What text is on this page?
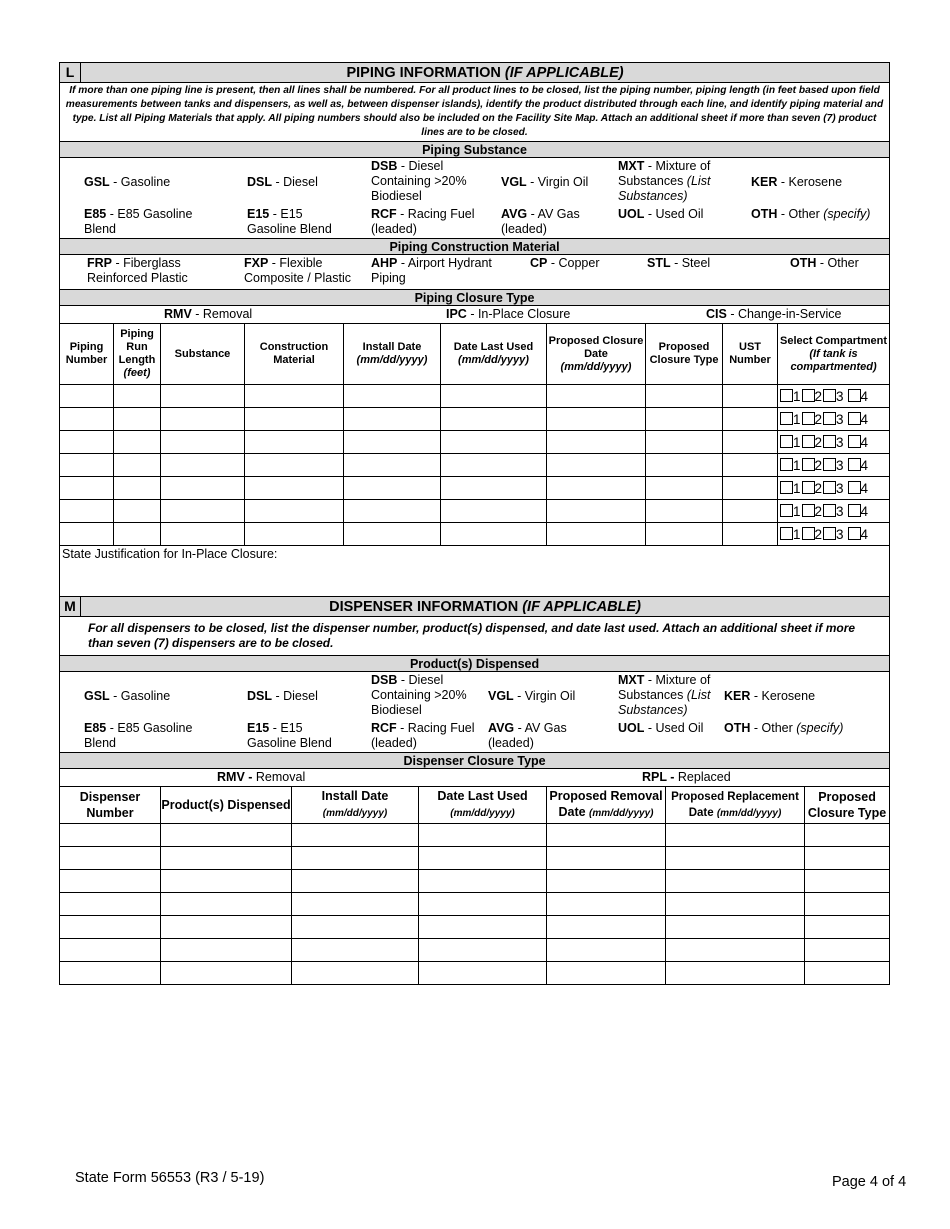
L	PIPING INFORMATION (IF APPLICABLE)

If more than one piping line is present, then all lines shall be numbered. For all product lines to be closed, list the piping number, piping length (in feet based upon field measurements between tanks and dispensers, as well as, between dispenser islands), identify the product distributed through each line, and identify piping material and type. List all Piping Materials that apply. All piping numbers should also be included on the Facility Site Map. Attach an additional sheet if more than seven (7) product lines are to be closed.
Piping Substance

	GSL - Gasoline	DSL - Diesel	DSB - Diesel Containing >20% Biodiesel	VGL - Virgin Oil	MXT - Mixture of Substances (List Substances)	KER - Kerosene
	E85 - E85 Gasoline Blend	E15 - E15 Gasoline Blend	RCF - Racing Fuel (leaded)	AVG - AV Gas (leaded)	UOL - Used Oil	OTH - Other (specify)

Piping Construction Material

	FRP - Fiberglass Reinforced Plastic	FXP - Flexible Composite / Plastic	AHP - Airport Hydrant Piping	CP - Copper	STL - Steel	OTH - Other

Piping Closure Type

RMV - Removal	IPC - In-Place Closure	CIS - Change-in-Service

Piping Number	Piping Run Length
(feet)	Substance	Construction Material	Install Date
(mm/dd/yyyy)	Date Last Used
(mm/dd/yyyy)	Proposed Closure Date
(mm/dd/yyyy)	Proposed Closure Type	UST Number	Select Compartment
(If tank is compartmented)
									1 2 3 4
									1 2 3 4
									1 2 3 4
									1 2 3 4
									1 2 3 4
									1 2 3 4
									1 2 3 4
State Justification for In-Place Closure:
M	DISPENSER INFORMATION (IF APPLICABLE)

For all dispensers to be closed, list the dispenser number, product(s) dispensed, and date last used. Attach an additional sheet if more than seven (7) dispensers are to be closed.
Product(s) Dispensed

	GSL - Gasoline	DSL - Diesel	DSB - Diesel Containing >20% Biodiesel	VGL - Virgin Oil	MXT - Mixture of Substances (List Substances)	KER - Kerosene
	E85 - E85 Gasoline Blend	E15 - E15 Gasoline Blend	RCF - Racing Fuel (leaded)	AVG - AV Gas (leaded)	UOL - Used Oil	OTH - Other (specify)

Dispenser Closure Type

RMV - Removal	RPL - Replaced

Dispenser Number	Product(s) Dispensed	Install Date
(mm/dd/yyyy)	Date Last Used
(mm/dd/yyyy)	Proposed Removal Date (mm/dd/yyyy)	Proposed Replacement Date (mm/dd/yyyy)	Proposed Closure Type

State Form 56553 (R3 / 5-19)	Page 4 of 4
